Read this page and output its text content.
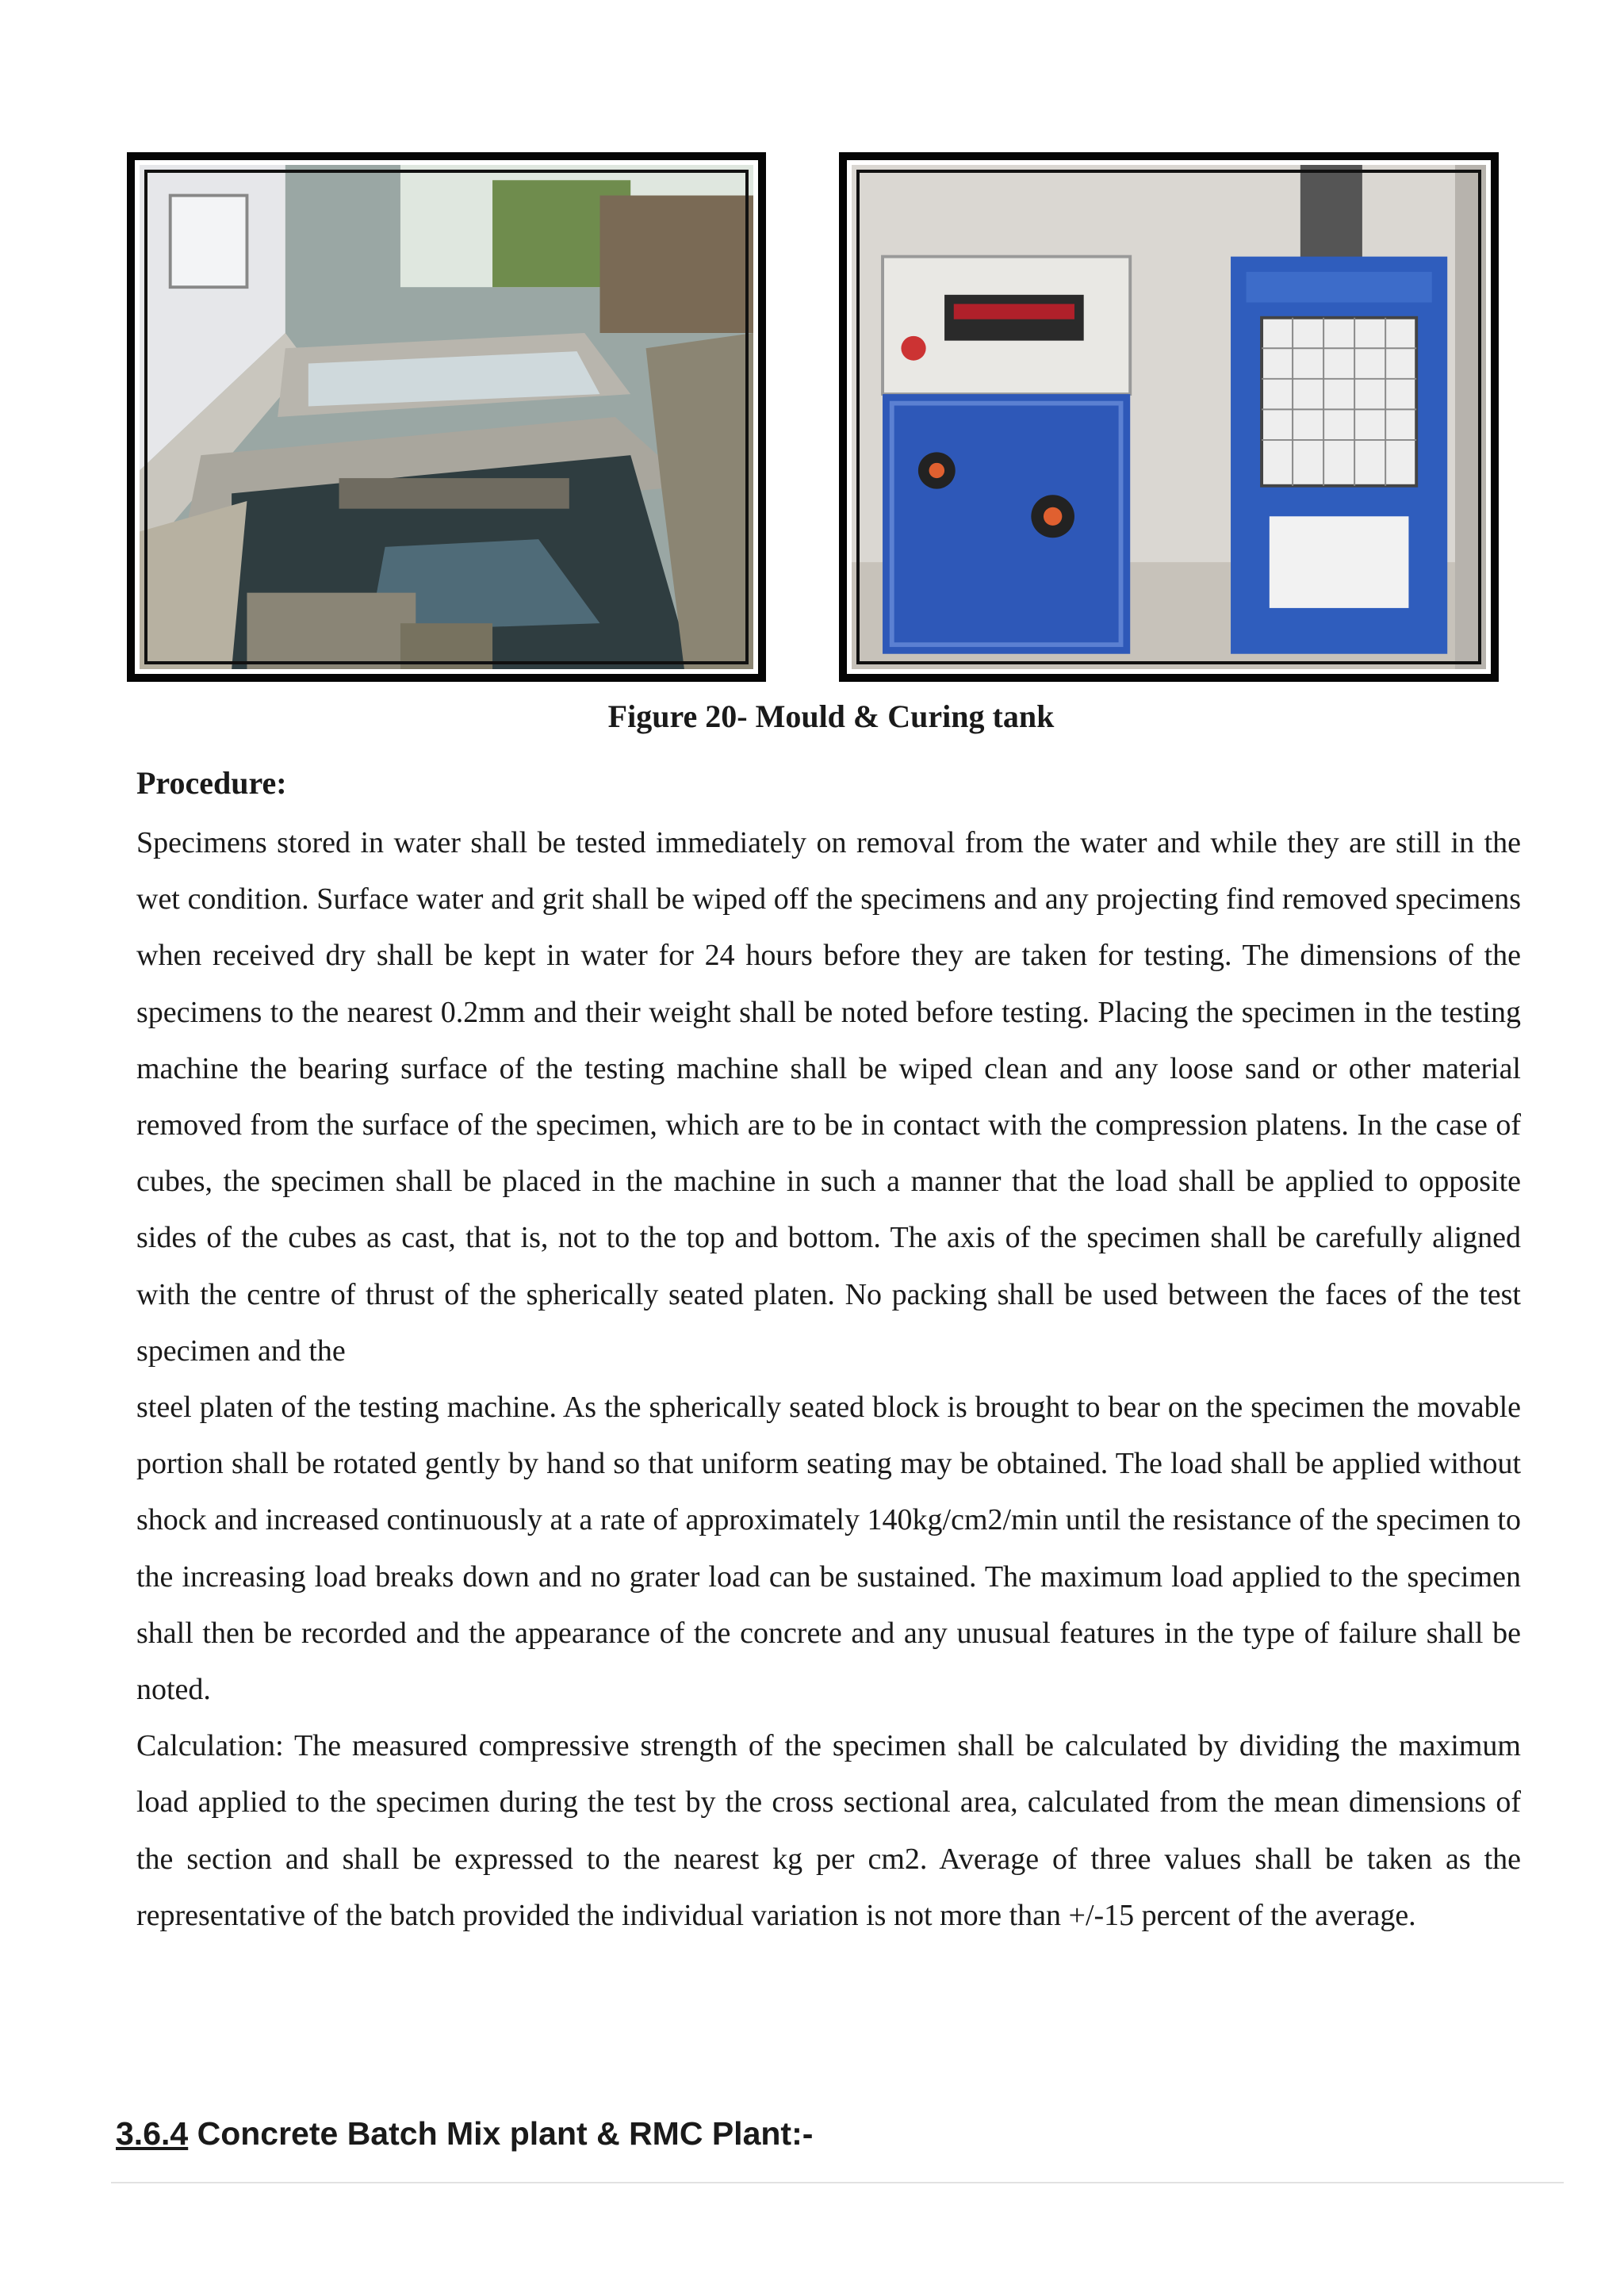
Figure 20- Mould & Curing tank
Procedure:

Specimens stored in water shall be tested immediately on removal from the water and while they are still in the wet condition. Surface water and grit shall be wiped off the specimens and any projecting find removed specimens when received dry shall be kept in water for 24 hours before they are taken for testing. The dimensions of the specimens to the nearest 0.2mm and their weight shall be noted before testing. Placing the specimen in the testing machine the bearing surface of the testing machine shall be wiped clean and any loose sand or other material removed from the surface of the specimen, which are to be in contact with the compression platens. In the case of cubes, the specimen shall be placed in the machine in such a manner that the load shall be applied to opposite sides of the cubes as cast, that is, not to the top and bottom. The axis of the specimen shall be carefully aligned with the centre of thrust of the spherically seated platen. No packing shall be used between the faces of the test specimen and the

steel platen of the testing machine. As the spherically seated block is brought to bear on the specimen the movable portion shall be rotated gently by hand so that uniform seating may be obtained. The load shall be applied without shock and increased continuously at a rate of approximately 140kg/cm2/min until the resistance of the specimen to the increasing load breaks down and no grater load can be sustained. The maximum load applied to the specimen shall then be recorded and the appearance of the concrete and any unusual features in the type of failure shall be noted.

Calculation: The measured compressive strength of the specimen shall be calculated by dividing the maximum load applied to the specimen during the test by the cross sectional area, calculated from the mean dimensions of the section and shall be expressed to the nearest kg per cm2. Average of three values shall be taken as the representative of the batch provided the individual variation is not more than +/-15 percent of the average.

3.6.4 Concrete Batch Mix plant & RMC Plant:-
